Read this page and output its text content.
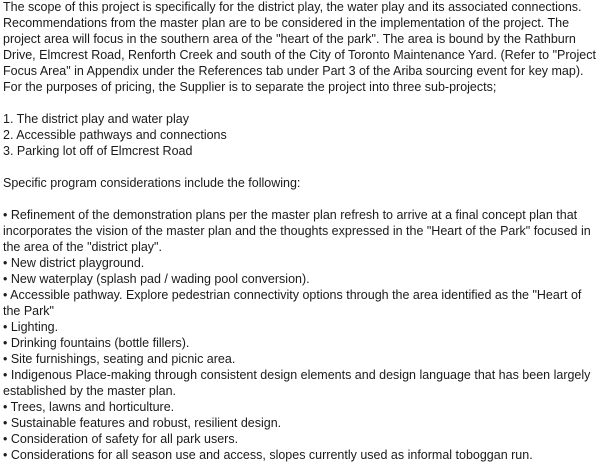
The scope of this project is specifically for the district play, the water play and its associated connections.
Recommendations from the master plan are to be considered in the implementation of the project. The
project area will focus in the southern area of the "heart of the park". The area is bound by the Rathburn
Drive, Elmcrest Road, Renforth Creek and south of the City of Toronto Maintenance Yard. (Refer to "Project
Focus Area" in Appendix under the References tab under Part 3 of the Ariba sourcing event for key map).
For the purposes of pricing, the Supplier is to separate the project into three sub-projects;
1. The district play and water play
2. Accessible pathways and connections
3. Parking lot off of Elmcrest Road
Specific program considerations include the following:
• Refinement of the demonstration plans per the master plan refresh to arrive at a final concept plan that
incorporates the vision of the master plan and the thoughts expressed in the "Heart of the Park" focused in
the area of the "district play".
• New district playground.
• New waterplay (splash pad / wading pool conversion).
• Accessible pathway. Explore pedestrian connectivity options through the area identified as the "Heart of
the Park"
• Lighting.
• Drinking fountains (bottle fillers).
• Site furnishings, seating and picnic area.
• Indigenous Place-making through consistent design elements and design language that has been largely
established by the master plan.
• Trees, lawns and horticulture.
• Sustainable features and robust, resilient design.
• Consideration of safety for all park users.
• Considerations for all season use and access, slopes currently used as informal toboggan run.
